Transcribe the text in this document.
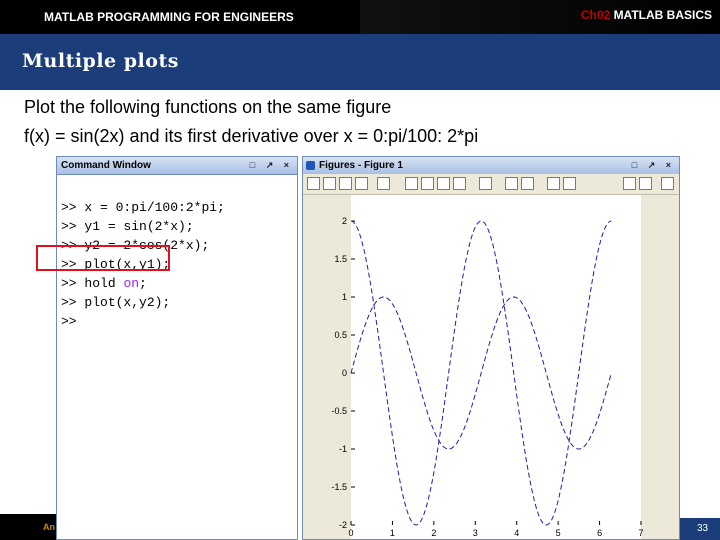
MATLAB PROGRAMMING FOR ENGINEERS	Ch02 MATLAB BASICS
Multiple plots
Plot the following functions on the same figure
f(x) = sin(2x) and its first derivative over x = 0:pi/100: 2*pi
Command Window	□ ↗ ×

>> x = 0:pi/100:2*pi;
>> y1 = sin(2*x);
>> y2 = 2*cos(2*x);
>> plot(x,y1);
>> hold on;
>> plot(x,y2);
>>
Figures - Figure 1	□ ↗ ×
0	1	2	3	4	5	6	7
-2
-1.5
-1
-0.5
0
0.5
1
1.5
2
An	33
